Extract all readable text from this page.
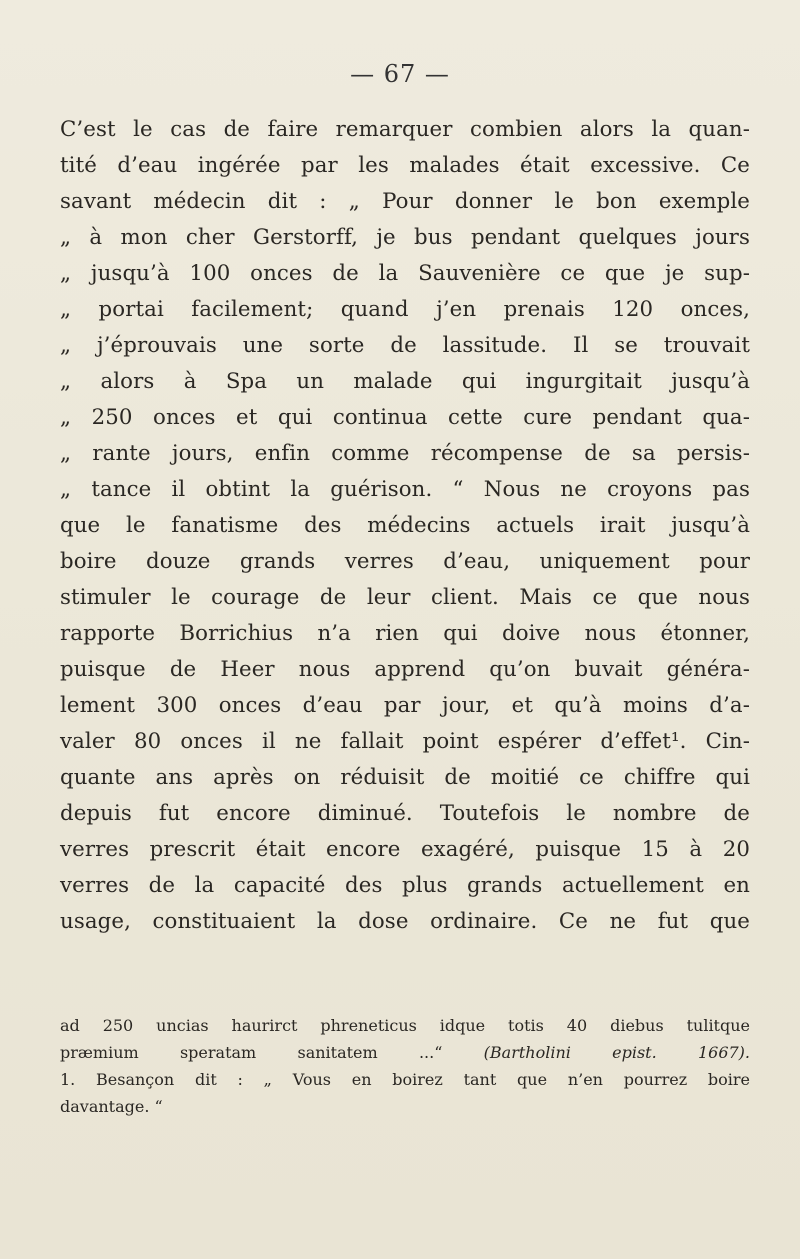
— 67 —
C’est le cas de faire remarquer combien alors la quan-
tité d’eau ingérée par les malades était excessive. Ce
savant médecin dit : „ Pour donner le bon exemple
„ à mon cher Gerstorff, je bus pendant quelques jours
„ jusqu’à 100 onces de la Sauvenière ce que je sup-
„ portai facilement; quand j’en prenais 120 onces,
„ j’éprouvais une sorte de lassitude. Il se trouvait
„ alors à Spa un malade qui ingurgitait jusqu’à
„ 250 onces et qui continua cette cure pendant qua-
„ rante jours, enfin comme récompense de sa persis-
„ tance il obtint la guérison. “ Nous ne croyons pas
que le fanatisme des médecins actuels irait jusqu’à
boire douze grands verres d’eau, uniquement pour
stimuler le courage de leur client. Mais ce que nous
rapporte Borrichius n’a rien qui doive nous étonner,
puisque de Heer nous apprend qu’on buvait généra-
lement 300 onces d’eau par jour, et qu’à moins d’a-
valer 80 onces il ne fallait point espérer d’effet¹. Cin-
quante ans après on réduisit de moitié ce chiffre qui
depuis fut encore diminué. Toutefois le nombre de
verres prescrit était encore exagéré, puisque 15 à 20
verres de la capacité des plus grands actuellement en
usage, constituaient la dose ordinaire. Ce ne fut que
ad 250 uncias haurirct phreneticus idque totis 40 diebus tulitque
præmium speratam sanitatem ...“ (Bartholini epist. 1667).
1. Besançon dit : „ Vous en boirez tant que n’en pourrez boire
davantage. “
